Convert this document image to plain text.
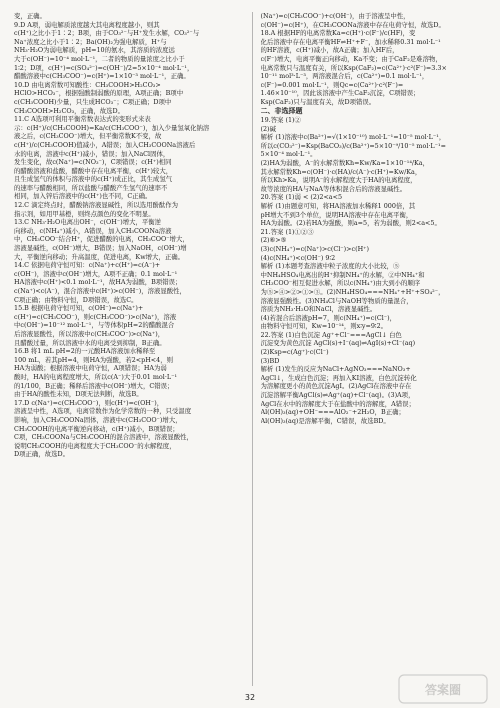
变，正确。
9.D A项，弱电解质浓度越大其电离程度越小，则其
c(H⁺)之比小于1∶2；B项，由于CO₃²⁻与H⁺发生水解，CO₃²⁻与
Na⁺浓度之比小于1∶2；Ba(OH)₂为强电解质，H⁺与
NH₃·H₂O为弱电解质，pH=10的氨水，其溶质的浓度远
大于c(OH⁻)=10⁻⁴ mol·L⁻¹，二者的物质的量浓度之比小于
1∶2；D项，c(H⁺)=c(SO₄²⁻)=c(OH⁻)/2=5×10⁻⁴ mol·L⁻¹，
醋酸溶液中c(CH₃COO⁻)=c(H⁺)=1×10⁻³ mol·L⁻¹，正确。
10.D 由电离常数可知酸性：CH₃COOH>H₂CO₃>
HClO>HCO₃⁻，根据强酸制弱酸的原理，A项正确；B项中
c(CH₃COOH)少量，只生成HCO₃⁻；C项正确；D项中
CH₃COOH>H₂CO₃，正确，故选D。
11.C A选项可利用平衡常数表达式的变形式来表
示：c(H⁺)/c(CH₃COOH)=Ka/c(CH₃COO⁻)，加入少量氢氧化钠溶
液之后，c(CH₃COO⁻)增大，但平衡常数K不变，故
c(H⁺)/c(CH₃COOH)值减小，A错误；加入CH₃COONa溶液后
水的电离，溶液中c(H⁺)减小，错误；加入NaCl固体，
发生变化，故c(Na⁺)=c(NO₃⁻)，C项错误；c(H⁺)相同
的醋酸溶液和盐酸，醋酸中存在电离平衡，c(H⁺)较大，
且生成氢气的体积与溶液中的c(H⁺)成正比，其生成氢气
的速率与醋酸相同，所以盐酸与醋酸产生氢气的速率不
相同，加入锌后溶液中的c(H⁺)也不同，C正确。
12.C 滴定终点时，醋酸钠溶液显碱性，所以选用酚酞作为
指示剂，如用甲基橙，则终点颜色的变化不明显。
13.C NH₃·H₂O电离出OH⁻，c(OH⁻)增大，平衡逆
向移动，c(NH₄⁺)减小，A错误，加入CH₃COONa溶液
中，CH₃COO⁻结合H⁺，促进醋酸的电离，CH₃COO⁻增大，
溶液显碱性，c(OH⁻)增大，B错误；加入NaOH，c(OH⁻)增
大，平衡逆向移动；升高温度，促进电离，Kw增大，正确。
14.C 依据电荷守恒可知：c(Na⁺)+c(H⁺)=c(A⁻)+
c(OH⁻)，溶液中c(OH⁻)增大，A项不正确；0.1 mol·L⁻¹
HA溶液中c(H⁺)<0.1 mol·L⁻¹，故HA为弱酸，B项错误；
c(Na⁺)<c(A⁻)，混合溶液中c(H⁺)>c(OH⁻)，溶液显酸性，
C项正确；由物料守恒，D项错误，故选C。
15.B 根据电荷守恒可知，c(OH⁻)=c(Na⁺)+
c(H⁺)=c(CH₃COO⁻)，则c(CH₃COO⁻)>c(Na⁺)，溶液
中c(OH⁻)=10⁻¹² mol·L⁻¹，与等体积pH=2的醋酸混合
后溶液显酸性，所以溶液中c(CH₃COO⁻)>c(Na⁺)，
且醋酸过量，所以溶液中水的电离受到抑制，B正确。
16.B 将1 mL pH=2的一元酸HA溶液加水稀释至
100 mL，若其pH=4，则HA为强酸，若2<pH<4，则
HA为弱酸；根据溶液中电荷守恒，A项错误；HA为弱
酸时，HA的电离程度增大，所以c(A⁻)大于0.01 mol·L⁻¹
的1/100，B正确；稀释后溶液中c(OH⁻)增大，C错误；
由于HA的酸性未知，D项无法判断，故选B。
17.D c(Na⁺)=c(CH₃COO⁻)，则c(H⁺)=c(OH⁻)，
溶液呈中性，A选项，电离常数作为化学常数的一种，只受温度
影响，加入CH₃COONa固体，溶液中c(CH₃COO⁻)增大，
CH₃COOH的电离平衡逆向移动，c(H⁺)减小，B项错误；
C项，CH₃COONa与CH₃COOH的混合溶液中，溶液显酸性，
说明CH₃COOH的电离程度大于CH₃COO⁻的水解程度，
D项正确，故选D。
(Na⁺)=c(CH₃COO⁻)+c(OH⁻)，由于溶液呈中性，
c(OH⁻)=c(H⁺)，在CH₃COONa溶液中存在电荷守恒，故选D。
18.A 根据HF的电离常数Ka=c(H⁺)·c(F⁻)/c(HF)，变
化后溶液中存在电离平衡HF⇌H⁺+F⁻，加水稀释0.31 mol·L⁻¹
的HF溶液，c(H⁺)减小，故A正确；加入HF后，
c(F⁻)增大，电离平衡正向移动，Ka不变；由于CaF₂是难溶物，
电离常数只与温度有关，所以Ksp(CaF₂)=c(Ca²⁺)·c²(F⁻)=3.3×
10⁻¹¹ mol³·L⁻³，两溶液混合后，c(Ca²⁺)=0.1 mol·L⁻¹，
c(F⁻)=0.001 mol·L⁻¹，则Qc=c(Ca²⁺)·c²(F⁻)=
1.46×10⁻¹⁰，因此该溶液中产生CaF₂沉淀，C项错误；
Ksp(CaF₂)只与温度有关，故D项错误。
二、非选择题
19.答案 (1)②
(2)碱
解析 (1)溶液中c(Ba²⁺)=√(1×10⁻¹⁰) mol·L⁻¹=10⁻⁵ mol·L⁻¹，
所以c(CO₃²⁻)=Ksp(BaCO₃)/c(Ba²⁺)=5×10⁻⁹/10⁻⁵ mol·L⁻¹=
5×10⁻⁴ mol·L⁻¹。
(2)HA为弱酸，A⁻的水解常数Kh=Kw/Ka=1×10⁻¹⁴/Ka，
其水解常数Kh=c(OH⁻)·c(HA)/c(A⁻)·c(H⁺)=Kw/Ka，
所以Kh>Ka，说明A⁻的水解程度大于HA的电离程度，
故等浓度的HA与NaA等体积混合后的溶液显碱性。
20.答案 (1)弱 < (2)2<a<5
解析 (1)由题意可知，将HA溶液加水稀释1 000倍，其
pH增大不到3个单位，说明HA溶液中存在电离平衡，
HA为弱酸。(2)若HA为强酸，则a=5，若为弱酸，则2<a<5。
21.答案 (1)①②③
(2)⑥>⑤
(3)c(NH₄⁺)=c(Na⁺)>c(Cl⁻)>c(H⁺)
(4)c(NH₄⁺)<c(OH⁻) 9∶2
解析 (1)本题考查溶液中粒子浓度的大小比较，⑤
中NH₄HSO₄电离出的H⁺抑制NH₄⁺的水解，②中NH₄⁺和
CH₃COO⁻相互促进水解，所以c(NH₄⁺)由大到小的顺序
为⑤>④>②>①>③。(2)NH₄HSO₄===NH₄⁺+H⁺+SO₄²⁻，
溶液显强酸性。(3)NH₄Cl与NaOH等物质的量混合，
溶质为NH₃·H₂O和NaCl，溶液显碱性。
(4)若混合后溶液pH=7，则c(NH₄⁺)=c(Cl⁻)，
由物料守恒可知，Kw=10⁻¹⁴，则x∶y=9∶2。
22.答案 (1)白色沉淀 Ag⁺+Cl⁻===AgCl↓ 白色
沉淀变为黄色沉淀 AgCl(s)+I⁻(aq)⇌AgI(s)+Cl⁻(aq)
(2)Ksp=c(Ag⁺)·c(Cl⁻)
(3)BD
解析 (1)发生的反应为NaCl+AgNO₃===NaNO₃+
AgCl↓，生成白色沉淀；再加入KI溶液，白色沉淀转化
为溶解度更小的黄色沉淀AgI。(2)AgCl在溶液中存在
沉淀溶解平衡AgCl(s)⇌Ag⁺(aq)+Cl⁻(aq)。(3)A项，
AgCl在水中的溶解度大于在盐酸中的溶解度，A错误；
Al(OH)₃(aq)+OH⁻===AlO₂⁻+2H₂O，B正确；
Al(OH)₃(aq)是溶解平衡，C错误，故选BD。
32
答案圈
